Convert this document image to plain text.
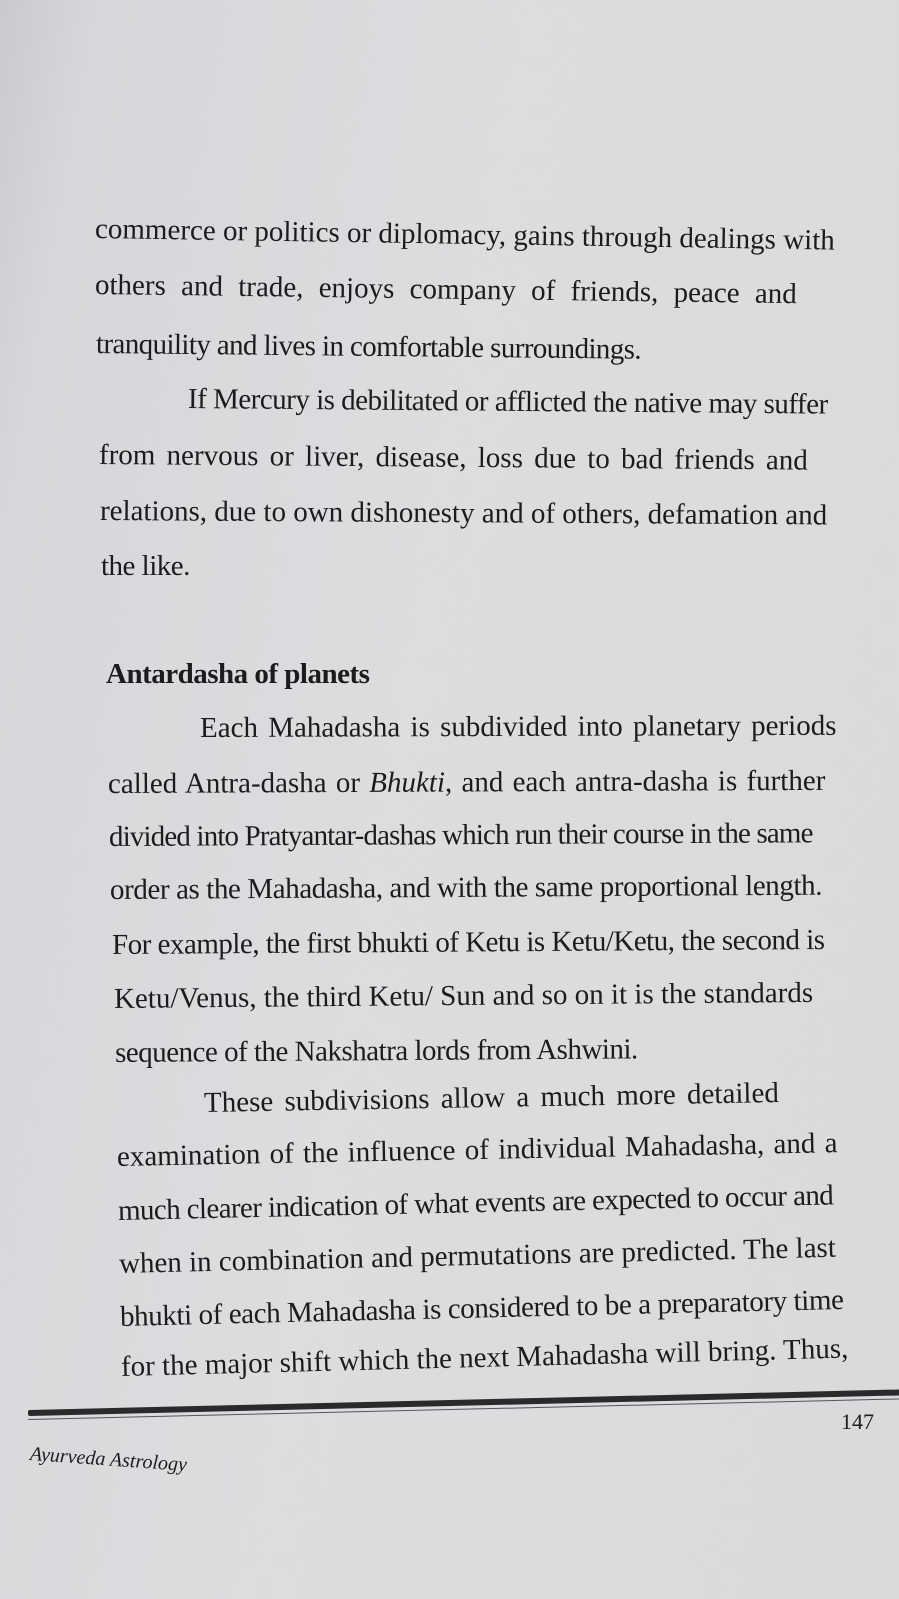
commerce or politics or diplomacy, gains through dealings with
others and trade, enjoys company of friends, peace and
tranquility and lives in comfortable surroundings.
If Mercury is debilitated or afflicted the native may suffer
from nervous or liver, disease, loss due to bad friends and
relations, due to own dishonesty and of others, defamation and
the like.
Antardasha of planets
Each Mahadasha is subdivided into planetary periods
called Antra-dasha or Bhukti, and each antra-dasha is further
divided into Pratyantar-dashas which run their course in the same
order as the Mahadasha, and with the same proportional length.
For example, the first bhukti of Ketu is Ketu/Ketu, the second is
Ketu/Venus, the third Ketu/ Sun and so on it is the standards
sequence of the Nakshatra lords from Ashwini.
These subdivisions allow a much more detailed
examination of the influence of individual Mahadasha, and a
much clearer indication of what events are expected to occur and
when in combination and permutations are predicted. The last
bhukti of each Mahadasha is considered to be a preparatory time
for the major shift which the next Mahadasha will bring. Thus,
147
Ayurveda Astrology
